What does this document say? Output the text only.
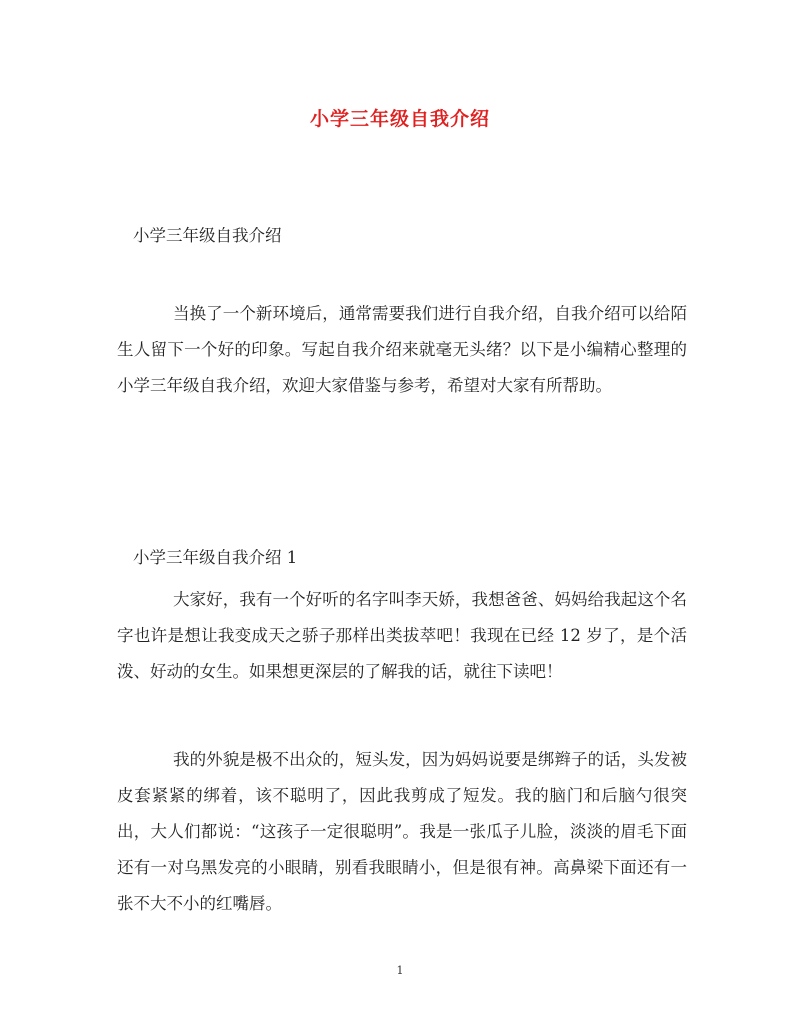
小学三年级自我介绍
小学三年级自我介绍

当换了一个新环境后，通常需要我们进行自我介绍，自我介绍可以给陌生人留下一个好的印象。写起自我介绍来就毫无头绪？以下是小编精心整理的小学三年级自我介绍，欢迎大家借鉴与参考，希望对大家有所帮助。

小学三年级自我介绍 1

大家好，我有一个好听的名字叫李天娇，我想爸爸、妈妈给我起这个名字也许是想让我变成天之骄子那样出类拔萃吧！我现在已经 12 岁了，是个活泼、好动的女生。如果想更深层的了解我的话，就往下读吧！

我的外貌是极不出众的，短头发，因为妈妈说要是绑辫子的话，头发被皮套紧紧的绑着，该不聪明了，因此我剪成了短发。我的脑门和后脑勺很突出，大人们都说：“这孩子一定很聪明”。我是一张瓜子儿脸，淡淡的眉毛下面还有一对乌黑发亮的小眼睛，别看我眼睛小，但是很有神。高鼻梁下面还有一张不大不小的红嘴唇。

1
